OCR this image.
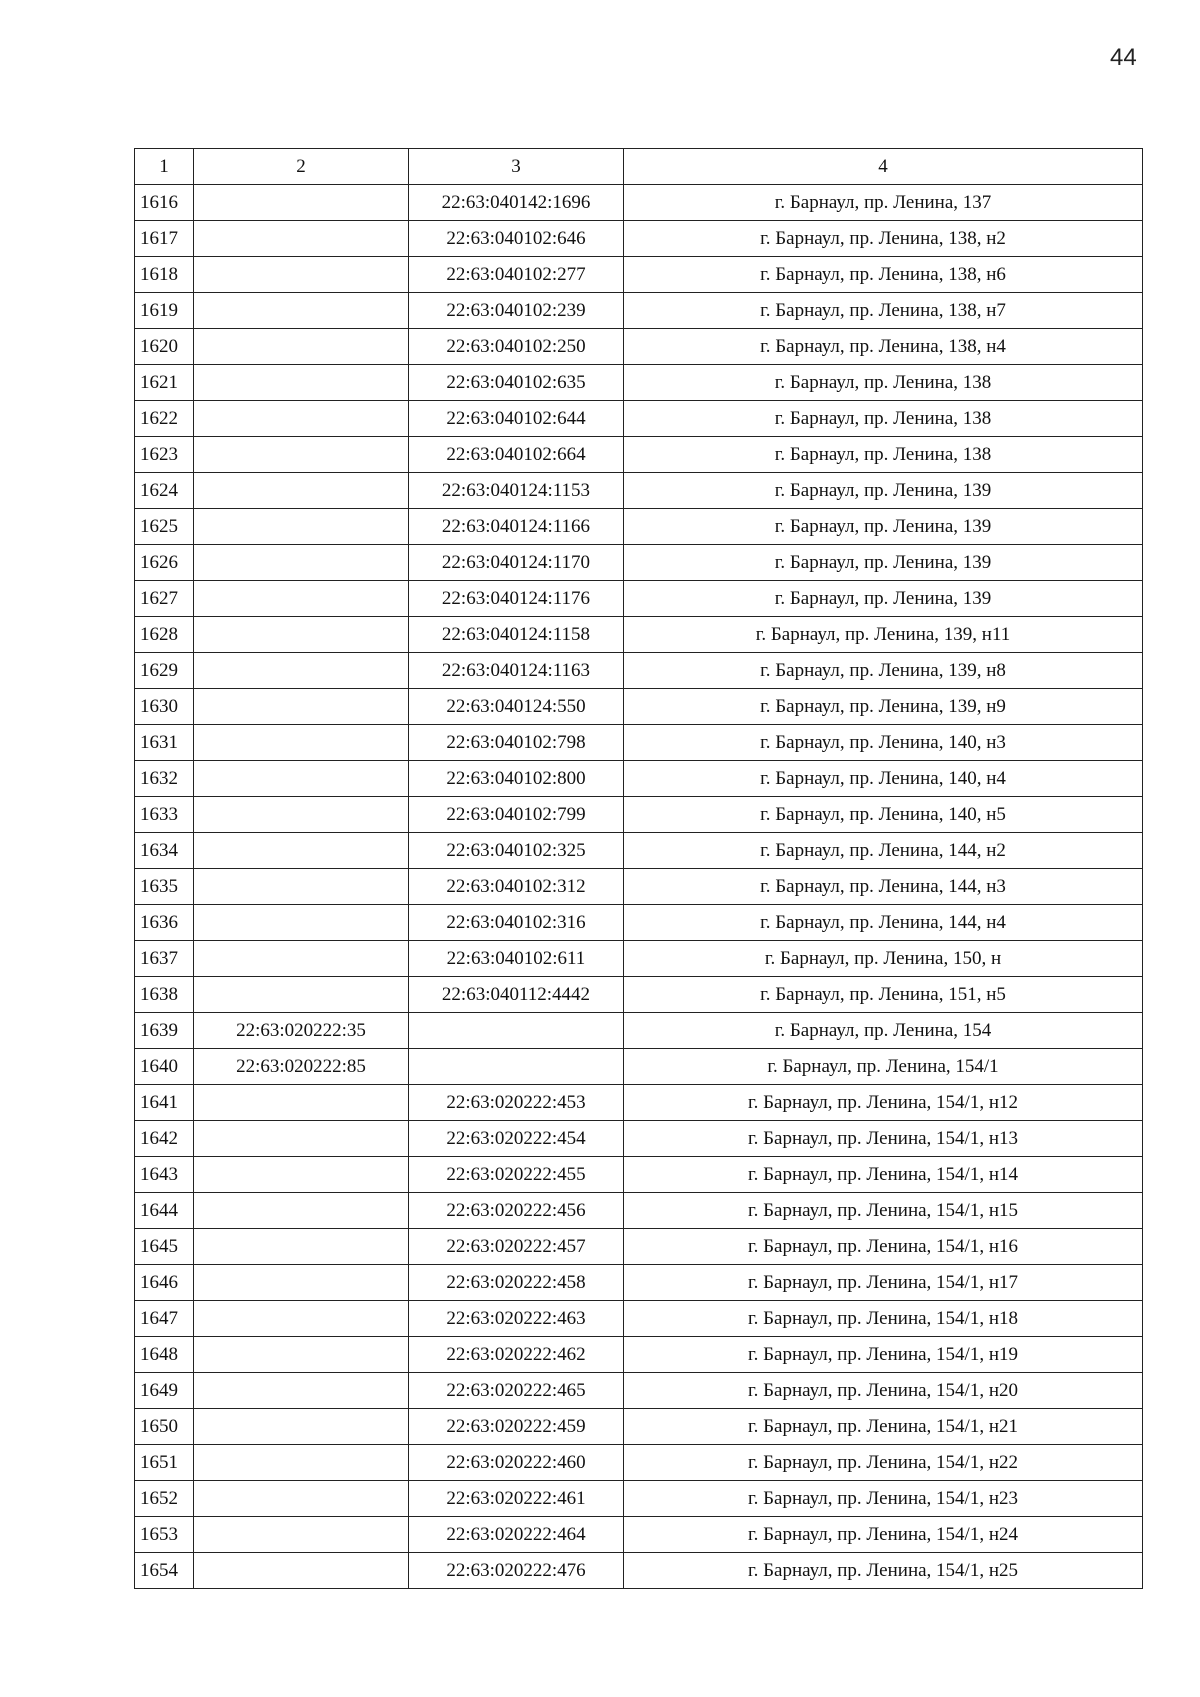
44
1	2	3	4
1616		22:63:040142:1696	г. Барнаул, пр. Ленина, 137
1617		22:63:040102:646	г. Барнаул, пр. Ленина, 138, н2
1618		22:63:040102:277	г. Барнаул, пр. Ленина, 138, н6
1619		22:63:040102:239	г. Барнаул, пр. Ленина, 138, н7
1620		22:63:040102:250	г. Барнаул, пр. Ленина, 138, н4
1621		22:63:040102:635	г. Барнаул, пр. Ленина, 138
1622		22:63:040102:644	г. Барнаул, пр. Ленина, 138
1623		22:63:040102:664	г. Барнаул, пр. Ленина, 138
1624		22:63:040124:1153	г. Барнаул, пр. Ленина, 139
1625		22:63:040124:1166	г. Барнаул, пр. Ленина, 139
1626		22:63:040124:1170	г. Барнаул, пр. Ленина, 139
1627		22:63:040124:1176	г. Барнаул, пр. Ленина, 139
1628		22:63:040124:1158	г. Барнаул, пр. Ленина, 139, н11
1629		22:63:040124:1163	г. Барнаул, пр. Ленина, 139, н8
1630		22:63:040124:550	г. Барнаул, пр. Ленина, 139, н9
1631		22:63:040102:798	г. Барнаул, пр. Ленина, 140, н3
1632		22:63:040102:800	г. Барнаул, пр. Ленина, 140, н4
1633		22:63:040102:799	г. Барнаул, пр. Ленина, 140, н5
1634		22:63:040102:325	г. Барнаул, пр. Ленина, 144, н2
1635		22:63:040102:312	г. Барнаул, пр. Ленина, 144, н3
1636		22:63:040102:316	г. Барнаул, пр. Ленина, 144, н4
1637		22:63:040102:611	г. Барнаул, пр. Ленина, 150, н
1638		22:63:040112:4442	г. Барнаул, пр. Ленина, 151, н5
1639	22:63:020222:35		г. Барнаул, пр. Ленина, 154
1640	22:63:020222:85		г. Барнаул, пр. Ленина, 154/1
1641		22:63:020222:453	г. Барнаул, пр. Ленина, 154/1, н12
1642		22:63:020222:454	г. Барнаул, пр. Ленина, 154/1, н13
1643		22:63:020222:455	г. Барнаул, пр. Ленина, 154/1, н14
1644		22:63:020222:456	г. Барнаул, пр. Ленина, 154/1, н15
1645		22:63:020222:457	г. Барнаул, пр. Ленина, 154/1, н16
1646		22:63:020222:458	г. Барнаул, пр. Ленина, 154/1, н17
1647		22:63:020222:463	г. Барнаул, пр. Ленина, 154/1, н18
1648		22:63:020222:462	г. Барнаул, пр. Ленина, 154/1, н19
1649		22:63:020222:465	г. Барнаул, пр. Ленина, 154/1, н20
1650		22:63:020222:459	г. Барнаул, пр. Ленина, 154/1, н21
1651		22:63:020222:460	г. Барнаул, пр. Ленина, 154/1, н22
1652		22:63:020222:461	г. Барнаул, пр. Ленина, 154/1, н23
1653		22:63:020222:464	г. Барнаул, пр. Ленина, 154/1, н24
1654		22:63:020222:476	г. Барнаул, пр. Ленина, 154/1, н25
